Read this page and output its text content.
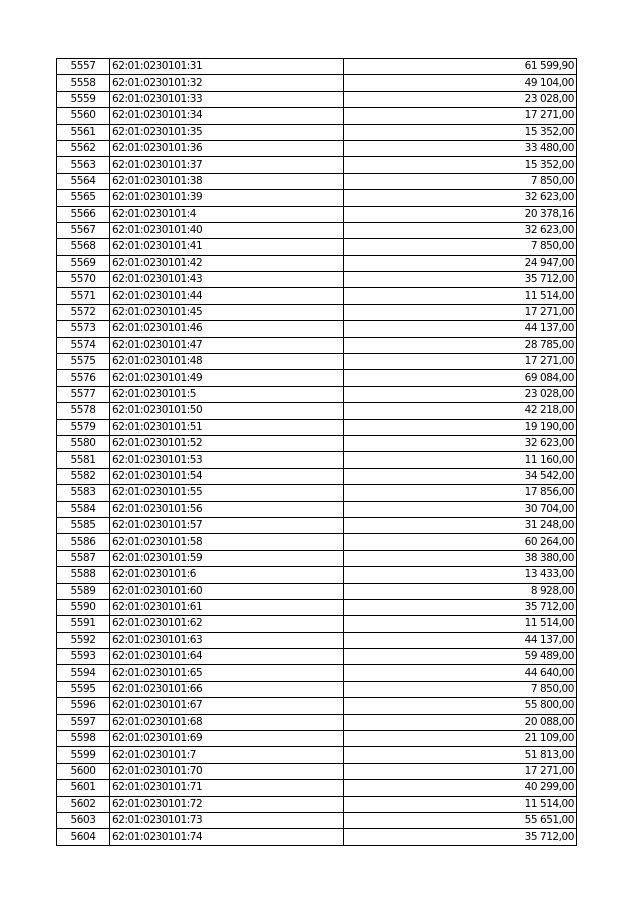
5557	62:01:0230101:31	61 599,90
5558	62:01:0230101:32	49 104,00
5559	62:01:0230101:33	23 028,00
5560	62:01:0230101:34	17 271,00
5561	62:01:0230101:35	15 352,00
5562	62:01:0230101:36	33 480,00
5563	62:01:0230101:37	15 352,00
5564	62:01:0230101:38	7 850,00
5565	62:01:0230101:39	32 623,00
5566	62:01:0230101:4	20 378,16
5567	62:01:0230101:40	32 623,00
5568	62:01:0230101:41	7 850,00
5569	62:01:0230101:42	24 947,00
5570	62:01:0230101:43	35 712,00
5571	62:01:0230101:44	11 514,00
5572	62:01:0230101:45	17 271,00
5573	62:01:0230101:46	44 137,00
5574	62:01:0230101:47	28 785,00
5575	62:01:0230101:48	17 271,00
5576	62:01:0230101:49	69 084,00
5577	62:01:0230101:5	23 028,00
5578	62:01:0230101:50	42 218,00
5579	62:01:0230101:51	19 190,00
5580	62:01:0230101:52	32 623,00
5581	62:01:0230101:53	11 160,00
5582	62:01:0230101:54	34 542,00
5583	62:01:0230101:55	17 856,00
5584	62:01:0230101:56	30 704,00
5585	62:01:0230101:57	31 248,00
5586	62:01:0230101:58	60 264,00
5587	62:01:0230101:59	38 380,00
5588	62:01:0230101:6	13 433,00
5589	62:01:0230101:60	8 928,00
5590	62:01:0230101:61	35 712,00
5591	62:01:0230101:62	11 514,00
5592	62:01:0230101:63	44 137,00
5593	62:01:0230101:64	59 489,00
5594	62:01:0230101:65	44 640,00
5595	62:01:0230101:66	7 850,00
5596	62:01:0230101:67	55 800,00
5597	62:01:0230101:68	20 088,00
5598	62:01:0230101:69	21 109,00
5599	62:01:0230101:7	51 813,00
5600	62:01:0230101:70	17 271,00
5601	62:01:0230101:71	40 299,00
5602	62:01:0230101:72	11 514,00
5603	62:01:0230101:73	55 651,00
5604	62:01:0230101:74	35 712,00
